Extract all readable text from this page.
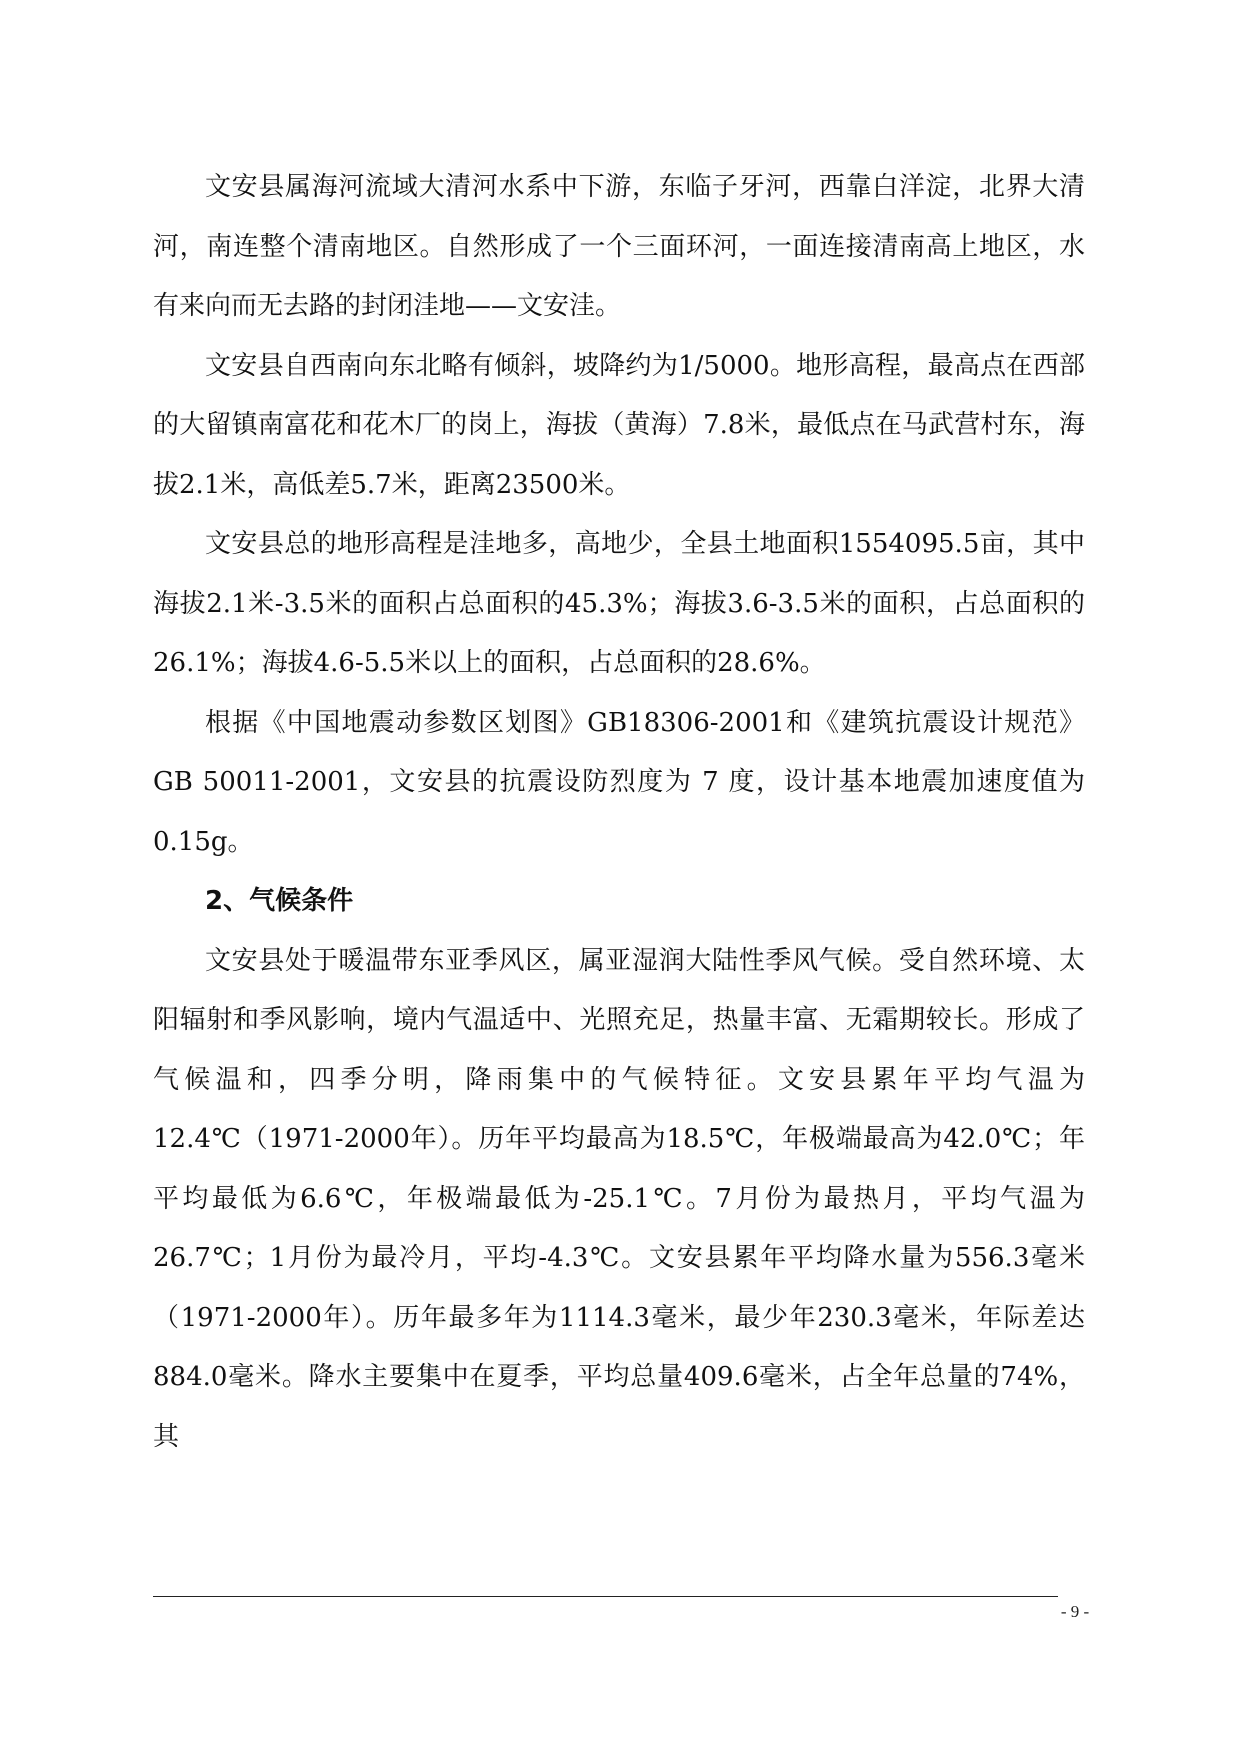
文安县属海河流域大清河水系中下游，东临子牙河，西靠白洋淀，北界大清河，南连整个清南地区。自然形成了一个三面环河，一面连接清南高上地区，水有来向而无去路的封闭洼地——文安洼。

文安县自西南向东北略有倾斜，坡降约为1/5000。地形高程，最高点在西部的大留镇南富花和花木厂的岗上，海拔（黄海）7.8米，最低点在马武营村东，海拔2.1米，高低差5.7米，距离23500米。

文安县总的地形高程是洼地多，高地少，全县土地面积1554095.5亩，其中海拔2.1米-3.5米的面积占总面积的45.3%；海拔3.6-3.5米的面积，占总面积的26.1%；海拔4.6-5.5米以上的面积，占总面积的28.6%。

根据《中国地震动参数区划图》GB18306-2001和《建筑抗震设计规范》GB 50011-2001，文安县的抗震设防烈度为 7 度，设计基本地震加速度值为 0.15g。

2、气候条件

文安县处于暖温带东亚季风区，属亚湿润大陆性季风气候。受自然环境、太阳辐射和季风影响，境内气温适中、光照充足，热量丰富、无霜期较长。形成了气候温和，四季分明，降雨集中的气候特征。文安县累年平均气温为12.4℃（1971-2000年）。历年平均最高为18.5℃，年极端最高为42.0℃；年平均最低为6.6℃，年极端最低为-25.1℃。7月份为最热月，平均气温为26.7℃；1月份为最冷月，平均-4.3℃。文安县累年平均降水量为556.3毫米（1971-2000年）。历年最多年为1114.3毫米，最少年230.3毫米，年际差达884.0毫米。降水主要集中在夏季，平均总量409.6毫米，占全年总量的74%，其

- 9 -
